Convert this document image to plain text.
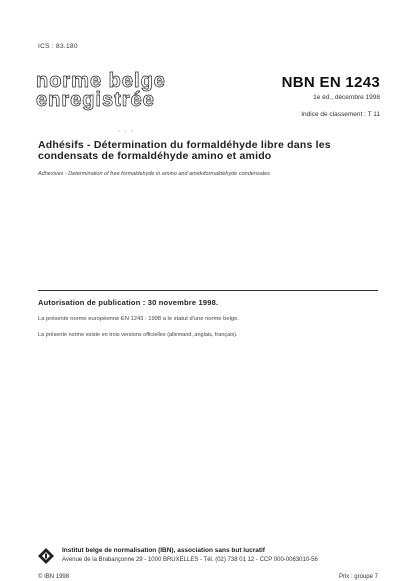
ICS : 83.180
norme belge
enregistrée
NBN EN 1243
1e éd., décembre 1998
Indice de classement : T 11
· · ·
Adhésifs - Détermination du formaldéhyde libre dans les condensats de formaldéhyde amino et amido
Adhesives - Determination of free formaldehyde in amino and amidoformaldehyde condensates
Autorisation de publication : 30 novembre 1998.
La présente norme européenne EN 1243 : 1998 a le statut d'une norme belge.
La présente norme existe en trois versions officielles (allemand, anglais, français).
Institut belge de normalisation (IBN), association sans but lucratif
Avenue de la Brabançonne 29 - 1000 BRUXELLES - Tél. (02) 738 01 12 - CCP 000-0063010-56
© IBN 1998	Prix : groupe 7
